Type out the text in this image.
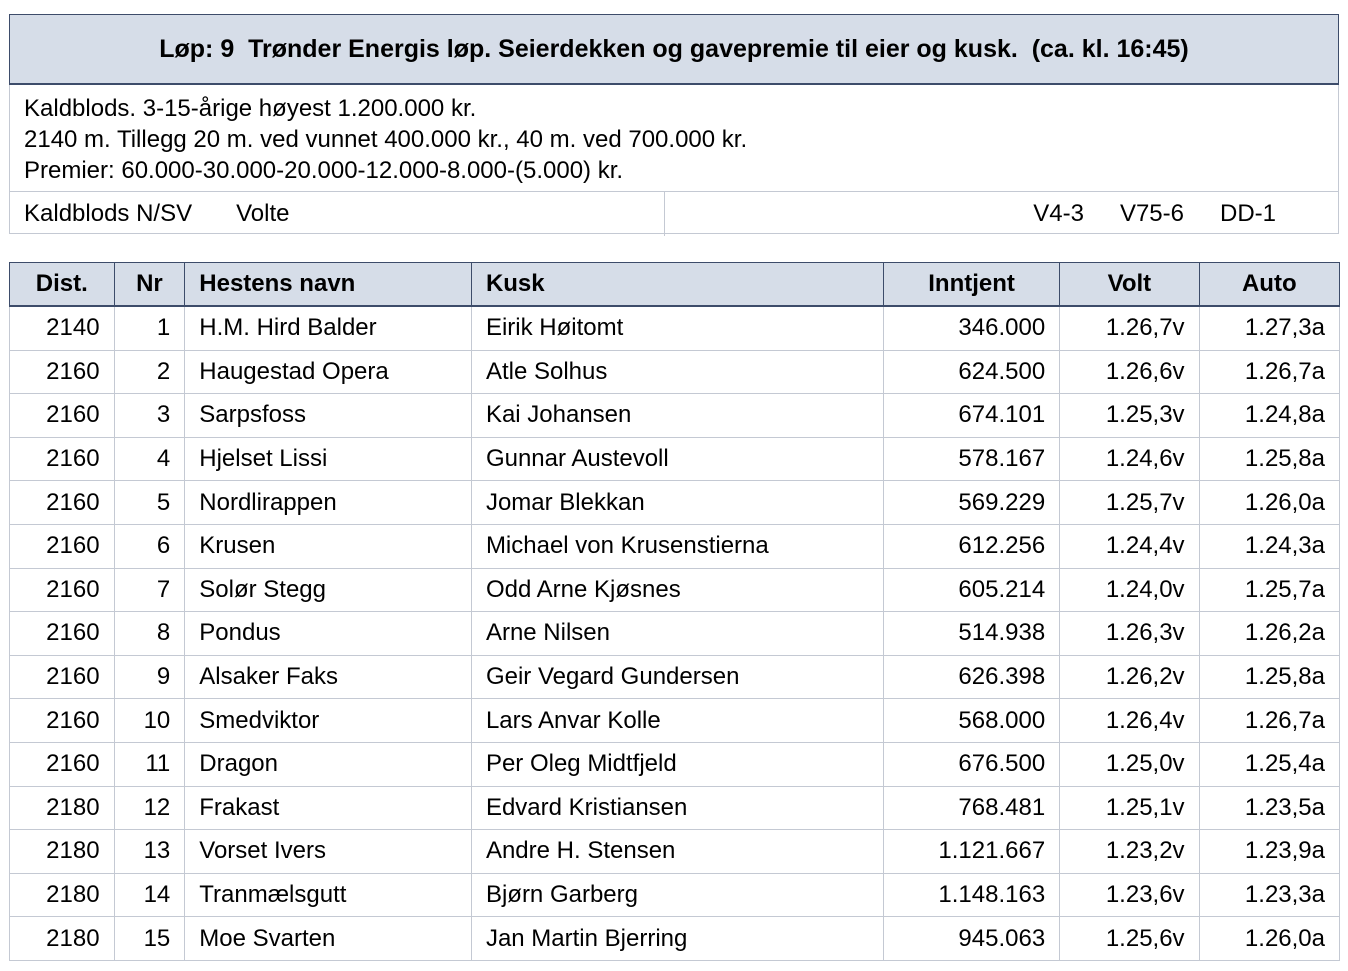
Løp: 9  Trønder Energis løp. Seierdekken og gavepremie til eier og kusk.  (ca. kl. 16:45)
Kaldblods. 3-15-årige høyest 1.200.000 kr.
2140 m. Tillegg 20 m. ved vunnet 400.000 kr., 40 m. ved 700.000 kr.
Premier: 60.000-30.000-20.000-12.000-8.000-(5.000) kr.
Kaldblods N/SV Volte	V4-3 V75-6 DD-1
Dist.	Nr	Hestens navn	Kusk	Inntjent	Volt	Auto
2140	1	H.M. Hird Balder	Eirik Høitomt	346.000	1.26,7v	1.27,3a
2160	2	Haugestad Opera	Atle Solhus	624.500	1.26,6v	1.26,7a
2160	3	Sarpsfoss	Kai Johansen	674.101	1.25,3v	1.24,8a
2160	4	Hjelset Lissi	Gunnar Austevoll	578.167	1.24,6v	1.25,8a
2160	5	Nordlirappen	Jomar Blekkan	569.229	1.25,7v	1.26,0a
2160	6	Krusen	Michael von Krusenstierna	612.256	1.24,4v	1.24,3a
2160	7	Solør Stegg	Odd Arne Kjøsnes	605.214	1.24,0v	1.25,7a
2160	8	Pondus	Arne Nilsen	514.938	1.26,3v	1.26,2a
2160	9	Alsaker Faks	Geir Vegard Gundersen	626.398	1.26,2v	1.25,8a
2160	10	Smedviktor	Lars Anvar Kolle	568.000	1.26,4v	1.26,7a
2160	11	Dragon	Per Oleg Midtfjeld	676.500	1.25,0v	1.25,4a
2180	12	Frakast	Edvard Kristiansen	768.481	1.25,1v	1.23,5a
2180	13	Vorset Ivers	Andre H. Stensen	1.121.667	1.23,2v	1.23,9a
2180	14	Tranmælsgutt	Bjørn Garberg	1.148.163	1.23,6v	1.23,3a
2180	15	Moe Svarten	Jan Martin Bjerring	945.063	1.25,6v	1.26,0a
